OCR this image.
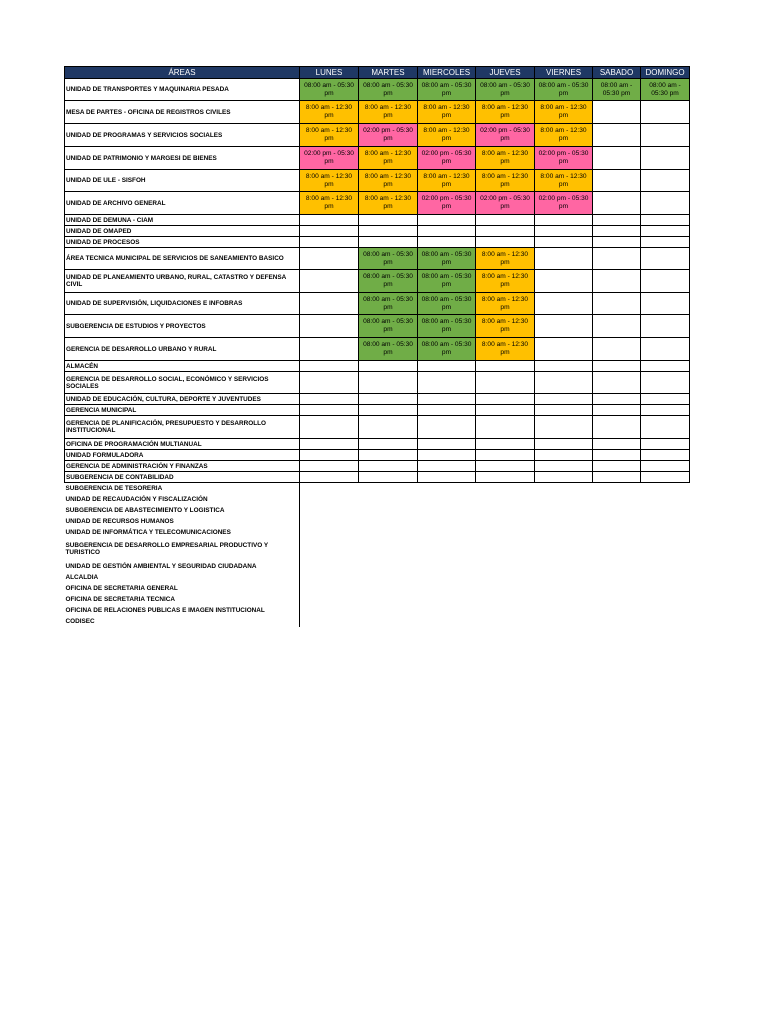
ÁREAS	LUNES	MARTES	MIERCOLES	JUEVES	VIERNES	SABADO	DOMINGO
UNIDAD DE TRANSPORTES Y MAQUINARIA PESADA	08:00 am - 05:30 pm	08:00 am - 05:30 pm	08:00 am - 05:30 pm	08:00 am - 05:30 pm	08:00 am - 05:30 pm	08:00 am - 05:30 pm	08:00 am - 05:30 pm

MESA DE PARTES - OFICINA DE REGISTROS CIVILES	8:00 am - 12:30 pm	8:00 am - 12:30 pm	8:00 am - 12:30 pm	8:00 am - 12:30 pm	8:00 am - 12:30 pm		

UNIDAD DE PROGRAMAS Y SERVICIOS SOCIALES	8:00 am - 12:30 pm	02:00 pm - 05:30 pm	8:00 am - 12:30 pm	02:00 pm - 05:30 pm	8:00 am - 12:30 pm		

UNIDAD DE PATRIMONIO Y MARGESI DE BIENES	02:00 pm - 05:30 pm	8:00 am - 12:30 pm	02:00 pm - 05:30 pm	8:00 am - 12:30 pm	02:00 pm - 05:30 pm		

UNIDAD DE ULE - SISFOH	8:00 am - 12:30 pm	8:00 am - 12:30 pm	8:00 am - 12:30 pm	8:00 am - 12:30 pm	8:00 am - 12:30 pm		

UNIDAD DE ARCHIVO GENERAL	8:00 am - 12:30 pm	8:00 am - 12:30 pm	02:00 pm - 05:30 pm	02:00 pm - 05:30 pm	02:00 pm - 05:30 pm		

UNIDAD DE DEMUNA - CIAM							
UNIDAD DE OMAPED							
UNIDAD DE PROCESOS							
ÁREA TECNICA MUNICIPAL DE SERVICIOS DE SANEAMIENTO BASICO		08:00 am - 05:30 pm	08:00 am - 05:30 pm	8:00 am - 12:30 pm			

UNIDAD DE PLANEAMIENTO URBANO, RURAL, CATASTRO Y DEFENSA CIVIL		08:00 am - 05:30 pm	08:00 am - 05:30 pm	8:00 am - 12:30 pm			

UNIDAD DE SUPERVISIÓN, LIQUIDACIONES E INFOBRAS		08:00 am - 05:30 pm	08:00 am - 05:30 pm	8:00 am - 12:30 pm			

SUBGERENCIA DE ESTUDIOS Y PROYECTOS		08:00 am - 05:30 pm	08:00 am - 05:30 pm	8:00 am - 12:30 pm			

GERENCIA DE DESARROLLO URBANO Y RURAL		08:00 am - 05:30 pm	08:00 am - 05:30 pm	8:00 am - 12:30 pm			

ALMACÉN							
GERENCIA DE DESARROLLO SOCIAL, ECONÓMICO Y SERVICIOS SOCIALES							
UNIDAD DE EDUCACIÓN, CULTURA, DEPORTE Y JUVENTUDES							
GERENCIA MUNICIPAL							
GERENCIA DE PLANIFICACIÓN, PRESUPUESTO Y DESARROLLO INSTITUCIONAL							
OFICINA DE PROGRAMACIÓN MULTIANUAL							
UNIDAD FORMULADORA							
GERENCIA DE ADMINISTRACIÓN Y FINANZAS							
SUBGERENCIA DE CONTABILIDAD							
SUBGERENCIA DE TESORERIA							
UNIDAD DE RECAUDACIÓN Y FISCALIZACIÓN							
SUBGERENCIA DE ABASTECIMIENTO Y LOGISTICA							
UNIDAD DE RECURSOS HUMANOS							
UNIDAD DE INFORMÁTICA Y TELECOMUNICACIONES							
SUBGERENCIA DE DESARROLLO EMPRESARIAL PRODUCTIVO Y TURISTICO							
UNIDAD DE GESTIÓN AMBIENTAL Y SEGURIDAD CIUDADANA							
ALCALDIA							
OFICINA DE SECRETARIA GENERAL							
OFICINA DE SECRETARIA TECNICA							
OFICINA DE RELACIONES PUBLICAS E IMAGEN INSTITUCIONAL							
CODISEC							
